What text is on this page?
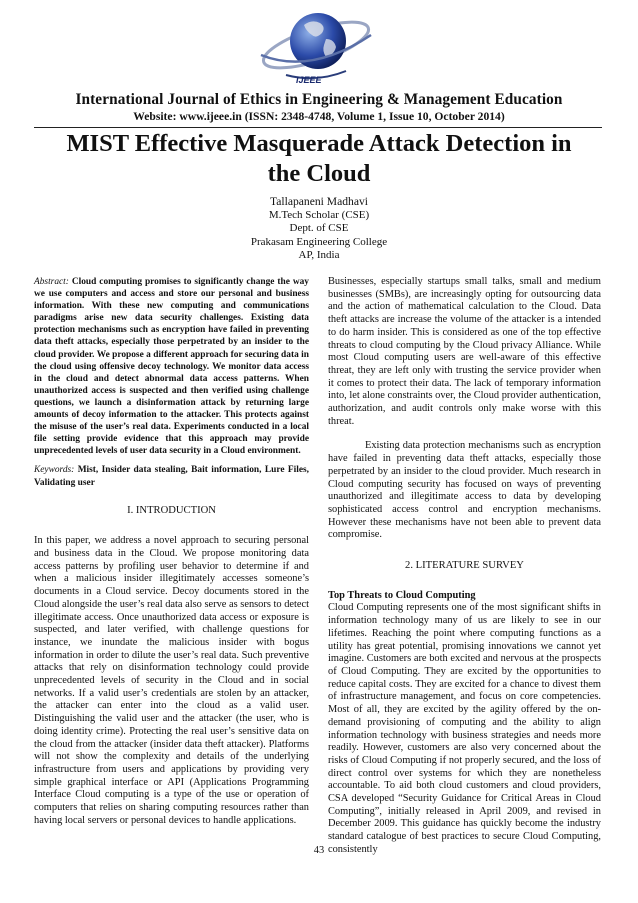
IJEEE
International Journal of Ethics in Engineering & Management Education
Website: www.ijeee.in (ISSN: 2348-4748, Volume 1, Issue 10, October 2014)
MIST Effective Masquerade Attack Detection in
the Cloud
Tallapaneni Madhavi
M.Tech Scholar (CSE)
Dept. of CSE
Prakasam Engineering College
AP, India

Abstract: Cloud computing promises to significantly change the way we use computers and access and store our personal and business information. With these new computing and communications paradigms arise new data security challenges. Existing data protection mechanisms such as encryption have failed in preventing data theft attacks, especially those perpetrated by an insider to the cloud provider. We propose a different approach for securing data in the cloud using offensive decoy technology. We monitor data access in the cloud and detect abnormal data access patterns. When unauthorized access is suspected and then verified using challenge questions, we launch a disinformation attack by returning large amounts of decoy information to the attacker. This protects against the misuse of the user’s real data. Experiments conducted in a local file setting provide evidence that this approach may provide unprecedented levels of user data security in a Cloud environment.

Keywords: Mist, Insider data stealing, Bait information, Lure Files, Validating user

I. INTRODUCTION

In this paper, we address a novel approach to securing personal and business data in the Cloud. We propose monitoring data access patterns by profiling user behavior to determine if and when a malicious insider illegitimately accesses someone’s documents in a Cloud service. Decoy documents stored in the Cloud alongside the user’s real data also serve as sensors to detect illegitimate access. Once unauthorized data access or exposure is suspected, and later verified, with challenge questions for instance, we inundate the malicious insider with bogus information in order to dilute the user’s real data. Such preventive attacks that rely on disinformation technology could provide unprecedented levels of security in the Cloud and in social networks. If a valid user’s credentials are stolen by an attacker, the attacker can enter into the cloud as a valid user. Distinguishing the valid user and the attacker (the user, who is doing identity crime). Protecting the real user’s sensitive data on the cloud from the attacker (insider data theft attacker). Platforms will not show the complexity and details of the underlying infrastructure from users and applications by providing very simple graphical interface or API (Applications Programming Interface Cloud computing is a type of the use or operation of computers that relies on sharing computing resources rather than having local servers or personal devices to handle applications.

Businesses, especially startups small talks, small and medium businesses (SMBs), are increasingly opting for outsourcing data and the action of mathematical calculation to the Cloud. Data theft attacks are increase the volume of the attacker is a intended to do harm insider. This is considered as one of the top effective threats to cloud computing by the Cloud privacy Alliance. While most Cloud computing users are well-aware of this effective threat, they are left only with trusting the service provider when it comes to protect their data. The lack of temporary information into, let alone constraints over, the Cloud provider authentication, authorization, and audit controls only make worse with this threat.

Existing data protection mechanisms such as encryption have failed in preventing data theft attacks, especially those perpetrated by an insider to the cloud provider. Much research in Cloud computing security has focused on ways of preventing unauthorized and illegitimate access to data by developing sophisticated access control and encryption mechanisms. However these mechanisms have not been able to prevent data compromise.

2. LITERATURE SURVEY

Top Threats to Cloud Computing

Cloud Computing represents one of the most significant shifts in information technology many of us are likely to see in our lifetimes. Reaching the point where computing functions as a utility has great potential, promising innovations we cannot yet imagine. Customers are both excited and nervous at the prospects of Cloud Computing. They are excited by the opportunities to reduce capital costs. They are excited for a chance to divest them of infrastructure management, and focus on core competencies. Most of all, they are excited by the agility offered by the on-demand provisioning of computing and the ability to align information technology with business strategies and needs more readily. However, customers are also very concerned about the risks of Cloud Computing if not properly secured, and the loss of direct control over systems for which they are nonetheless accountable. To aid both cloud customers and cloud providers, CSA developed “Security Guidance for Critical Areas in Cloud Computing”, initially released in April 2009, and revised in December 2009. This guidance has quickly become the industry standard catalogue of best practices to secure Cloud Computing, consistently

43
